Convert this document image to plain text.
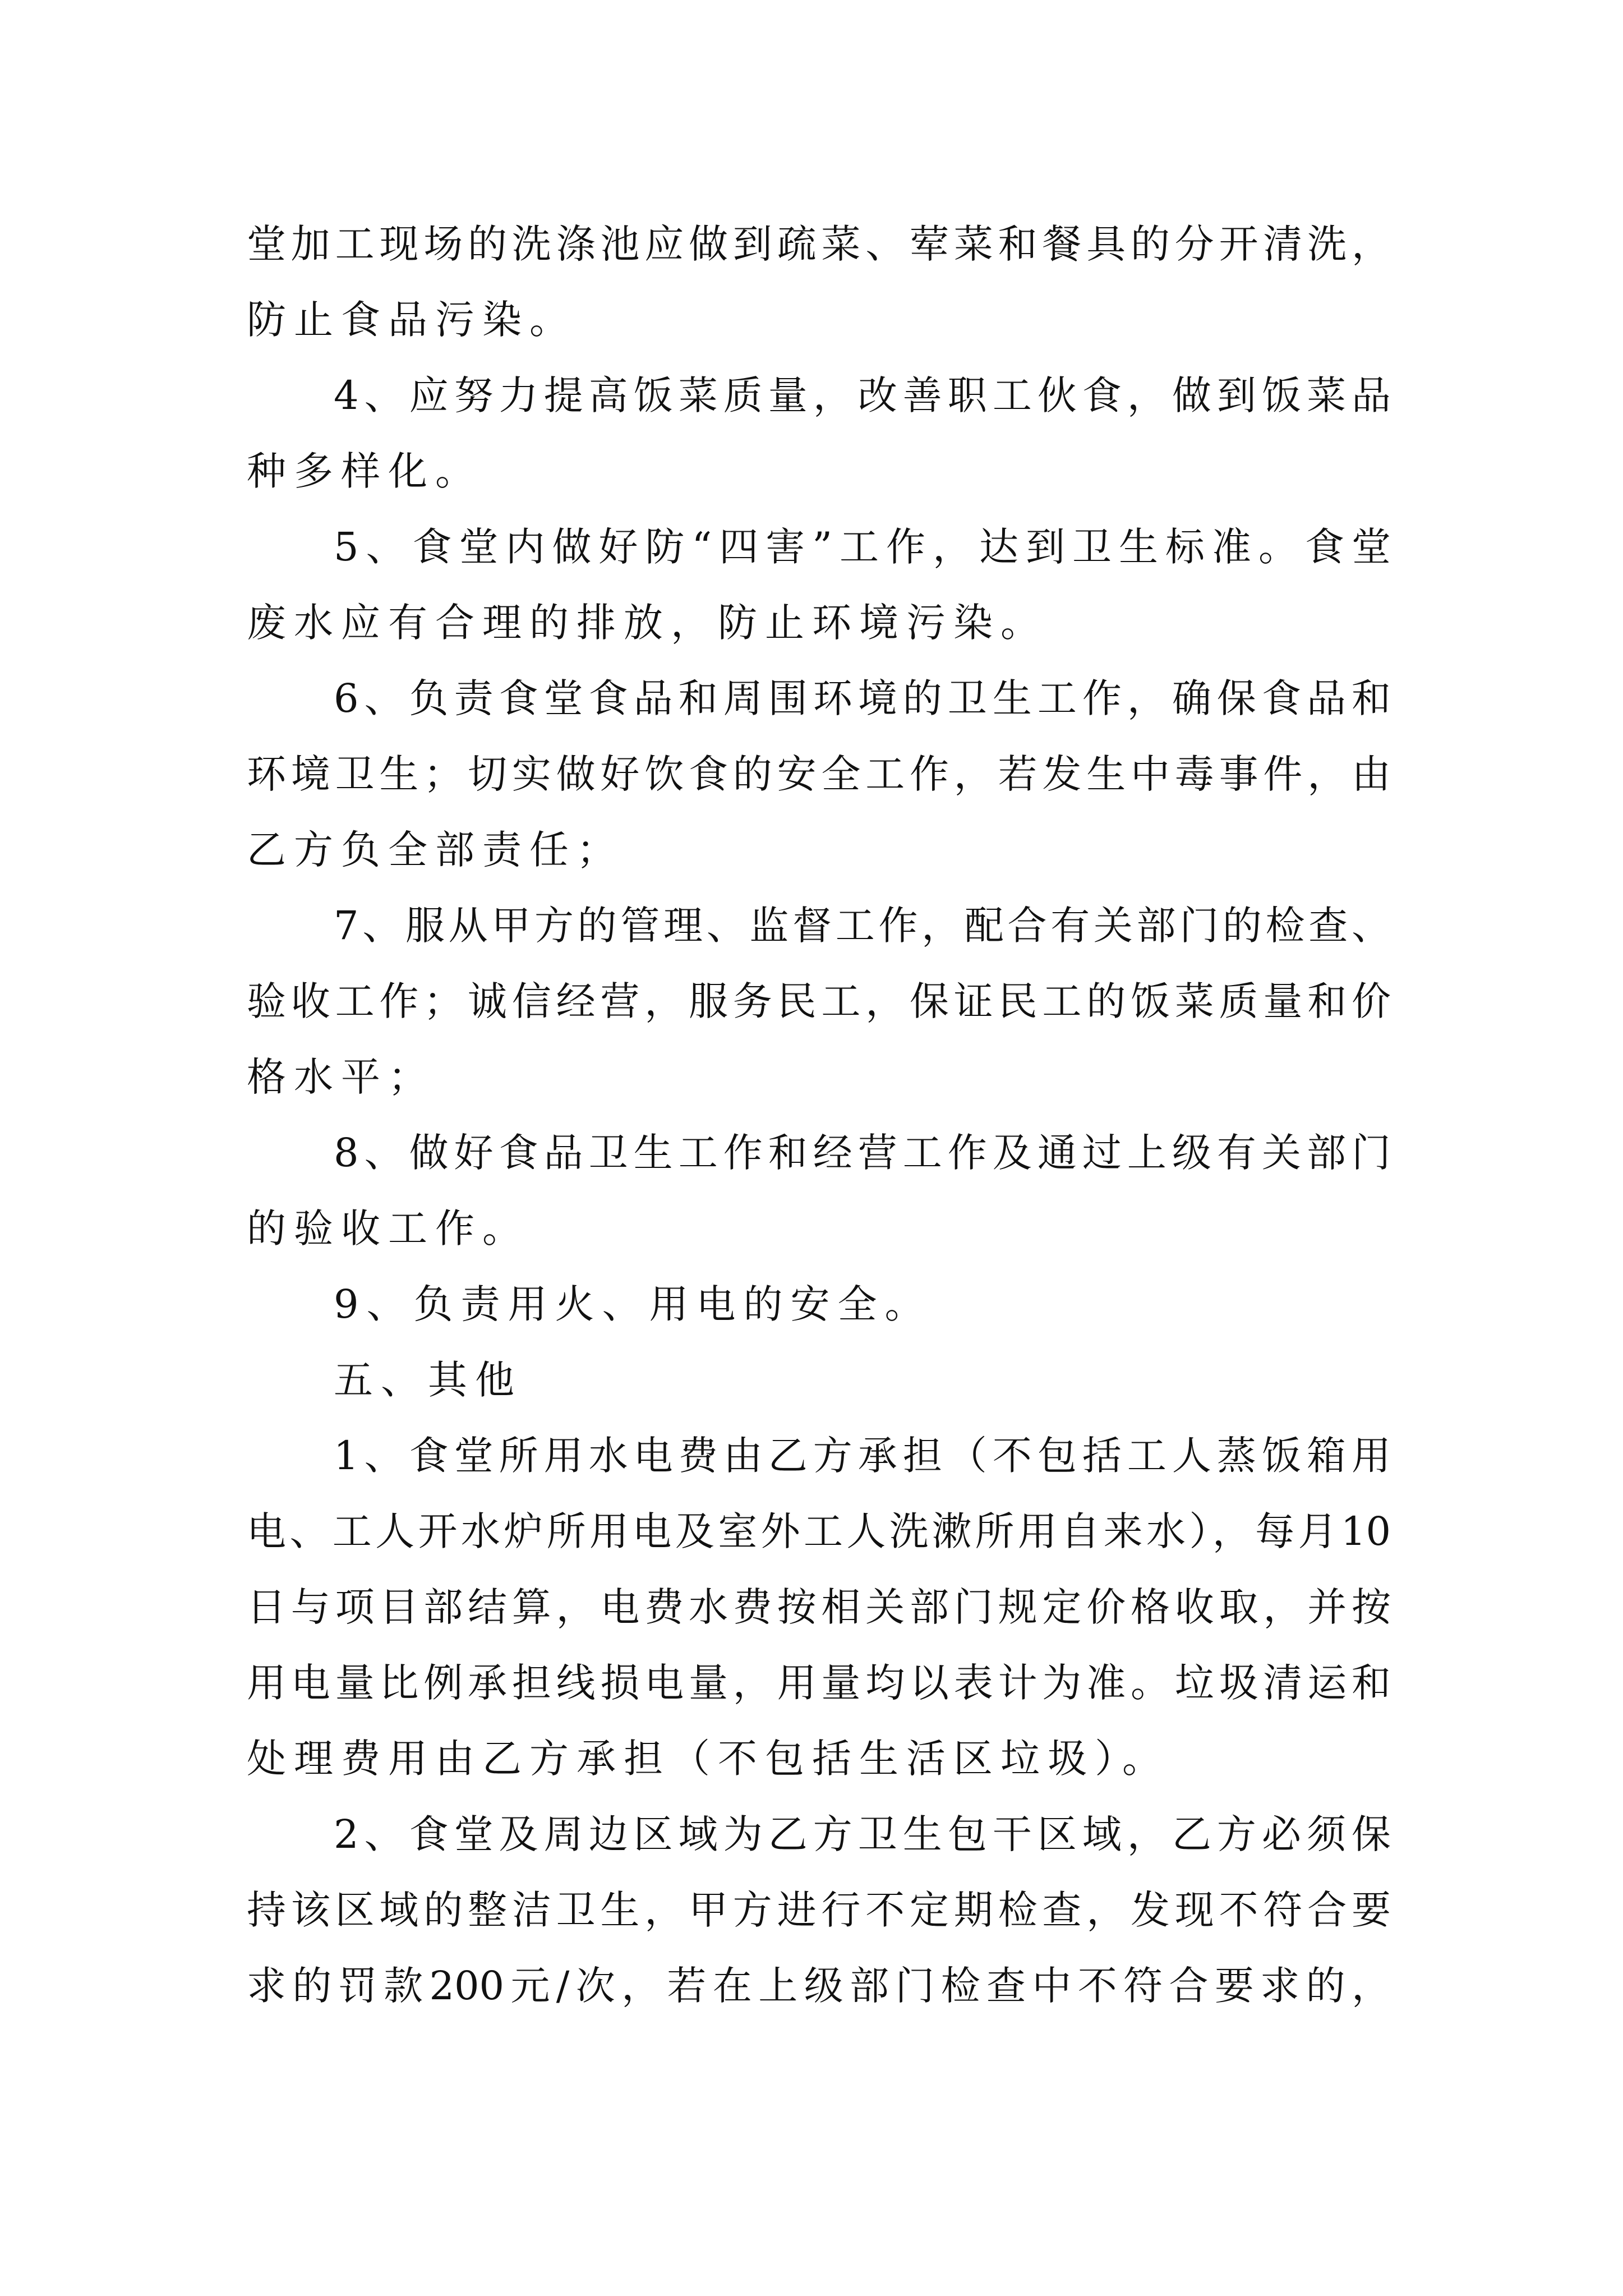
堂加工现场的洗涤池应做到疏菜、荤菜和餐具的分开清洗，
防止食品污染。
4、应努力提高饭菜质量，改善职工伙食，做到饭菜品
种多样化。
5、食堂内做好防“四害”工作，达到卫生标准。食堂
废水应有合理的排放，防止环境污染。
6、负责食堂食品和周围环境的卫生工作，确保食品和
环境卫生；切实做好饮食的安全工作，若发生中毒事件，由
乙方负全部责任；
7、服从甲方的管理、监督工作，配合有关部门的检查、
验收工作；诚信经营，服务民工，保证民工的饭菜质量和价
格水平；
8、做好食品卫生工作和经营工作及通过上级有关部门
的验收工作。
9、负责用火、用电的安全。
五、其他
1、食堂所用水电费由乙方承担（不包括工人蒸饭箱用
电、工人开水炉所用电及室外工人洗漱所用自来水），每月10
日与项目部结算，电费水费按相关部门规定价格收取，并按
用电量比例承担线损电量，用量均以表计为准。垃圾清运和
处理费用由乙方承担（不包括生活区垃圾）。
2、食堂及周边区域为乙方卫生包干区域，乙方必须保
持该区域的整洁卫生，甲方进行不定期检查，发现不符合要
求的罚款200元/次，若在上级部门检查中不符合要求的，
